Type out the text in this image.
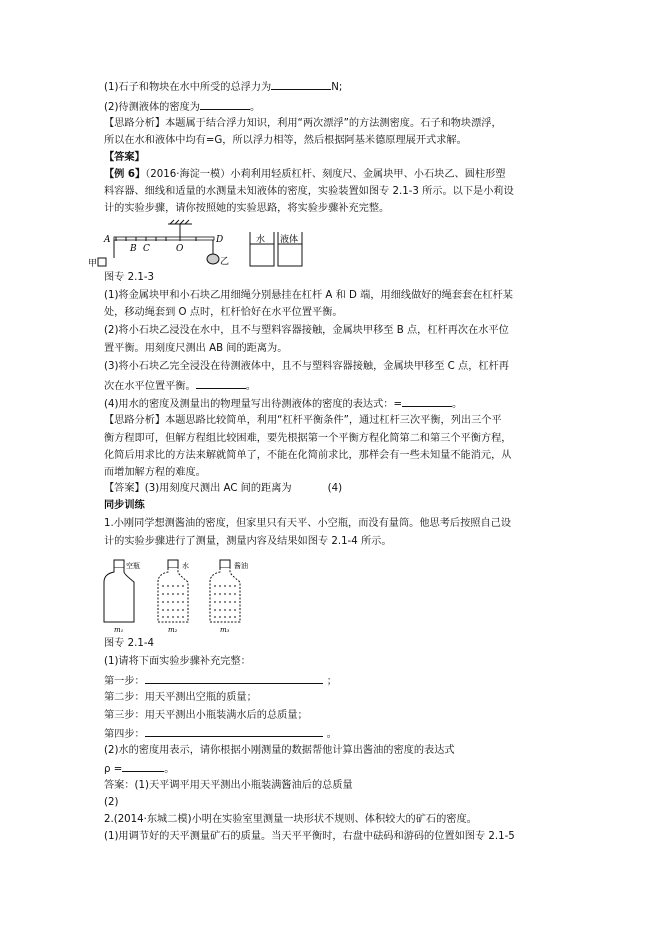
(1)石子和物块在水中所受的总浮力为	N;
(2)待测液体的密度为	。
【思路分析】本题属于结合浮力知识，利用“两次漂浮”的方法测密度。石子和物块漂浮，
所以在水和液体中均有=G，所以浮力相等，然后根据阿基米德原理展开式求解。
【答案】
【例 6】（2016·海淀一模）小莉利用轻质杠杆、刻度尺、金属块甲、小石块乙、圆柱形塑
料容器、细线和适量的水测量未知液体的密度，实验装置如图专 2.1-3 所示。以下是小莉设
计的实验步骤，请你按照她的实验思路，将实验步骤补充完整。
A
B C	O
D
甲	乙
水 液体
图专 2.1-3
(1)将金属块甲和小石块乙用细绳分别悬挂在杠杆 A 和 D 端，用细线做好的绳套套在杠杆某
处，移动绳套到 O 点时，杠杆恰好在水平位置平衡。
(2)将小石块乙浸没在水中，且不与塑料容器接触，金属块甲移至 B 点，杠杆再次在水平位
置平衡。用刻度尺测出 AB 间的距离为。
(3)将小石块乙完全浸没在待测液体中，且不与塑料容器接触，金属块甲移至 C 点，杠杆再
次在水平位置平衡。	。
(4)用水的密度及测量出的物理量写出待测液体的密度的表达式：=	。
【思路分析】本题思路比较简单，利用“杠杆平衡条件”，通过杠杆三次平衡，列出三个平
衡方程即可，但解方程组比较困难，要先根据第一个平衡方程化简第二和第三个平衡方程，
化简后用求比的方法来解就简单了，不能在化简前求比，那样会有一些未知量不能消元，从
而增加解方程的难度。
【答案】(3)用刻度尺测出 AC 间的距离为	(4)
同步训练
1.小刚同学想测酱油的密度，但家里只有天平、小空瓶，而没有量筒。他思考后按照自己设
计的实验步骤进行了测量，测量内容及结果如图专 2.1-4 所示。
空瓶
m₁
水
m₂
酱油
m₃
图专 2.1-4
(1)请将下面实验步骤补充完整：
第一步：	；
第二步：用天平测出空瓶的质量；
第三步：用天平测出小瓶装满水后的总质量；
第四步：	。
(2)水的密度用表示，请你根据小刚测量的数据帮他计算出酱油的密度的表达式
ρ =	。
答案：(1)天平调平用天平测出小瓶装满酱油后的总质量
(2)
2.(2014·东城二模)小明在实验室里测量一块形状不规则、体积较大的矿石的密度。
(1)用调节好的天平测量矿石的质量。当天平平衡时，右盘中砝码和游码的位置如图专 2.1-5
